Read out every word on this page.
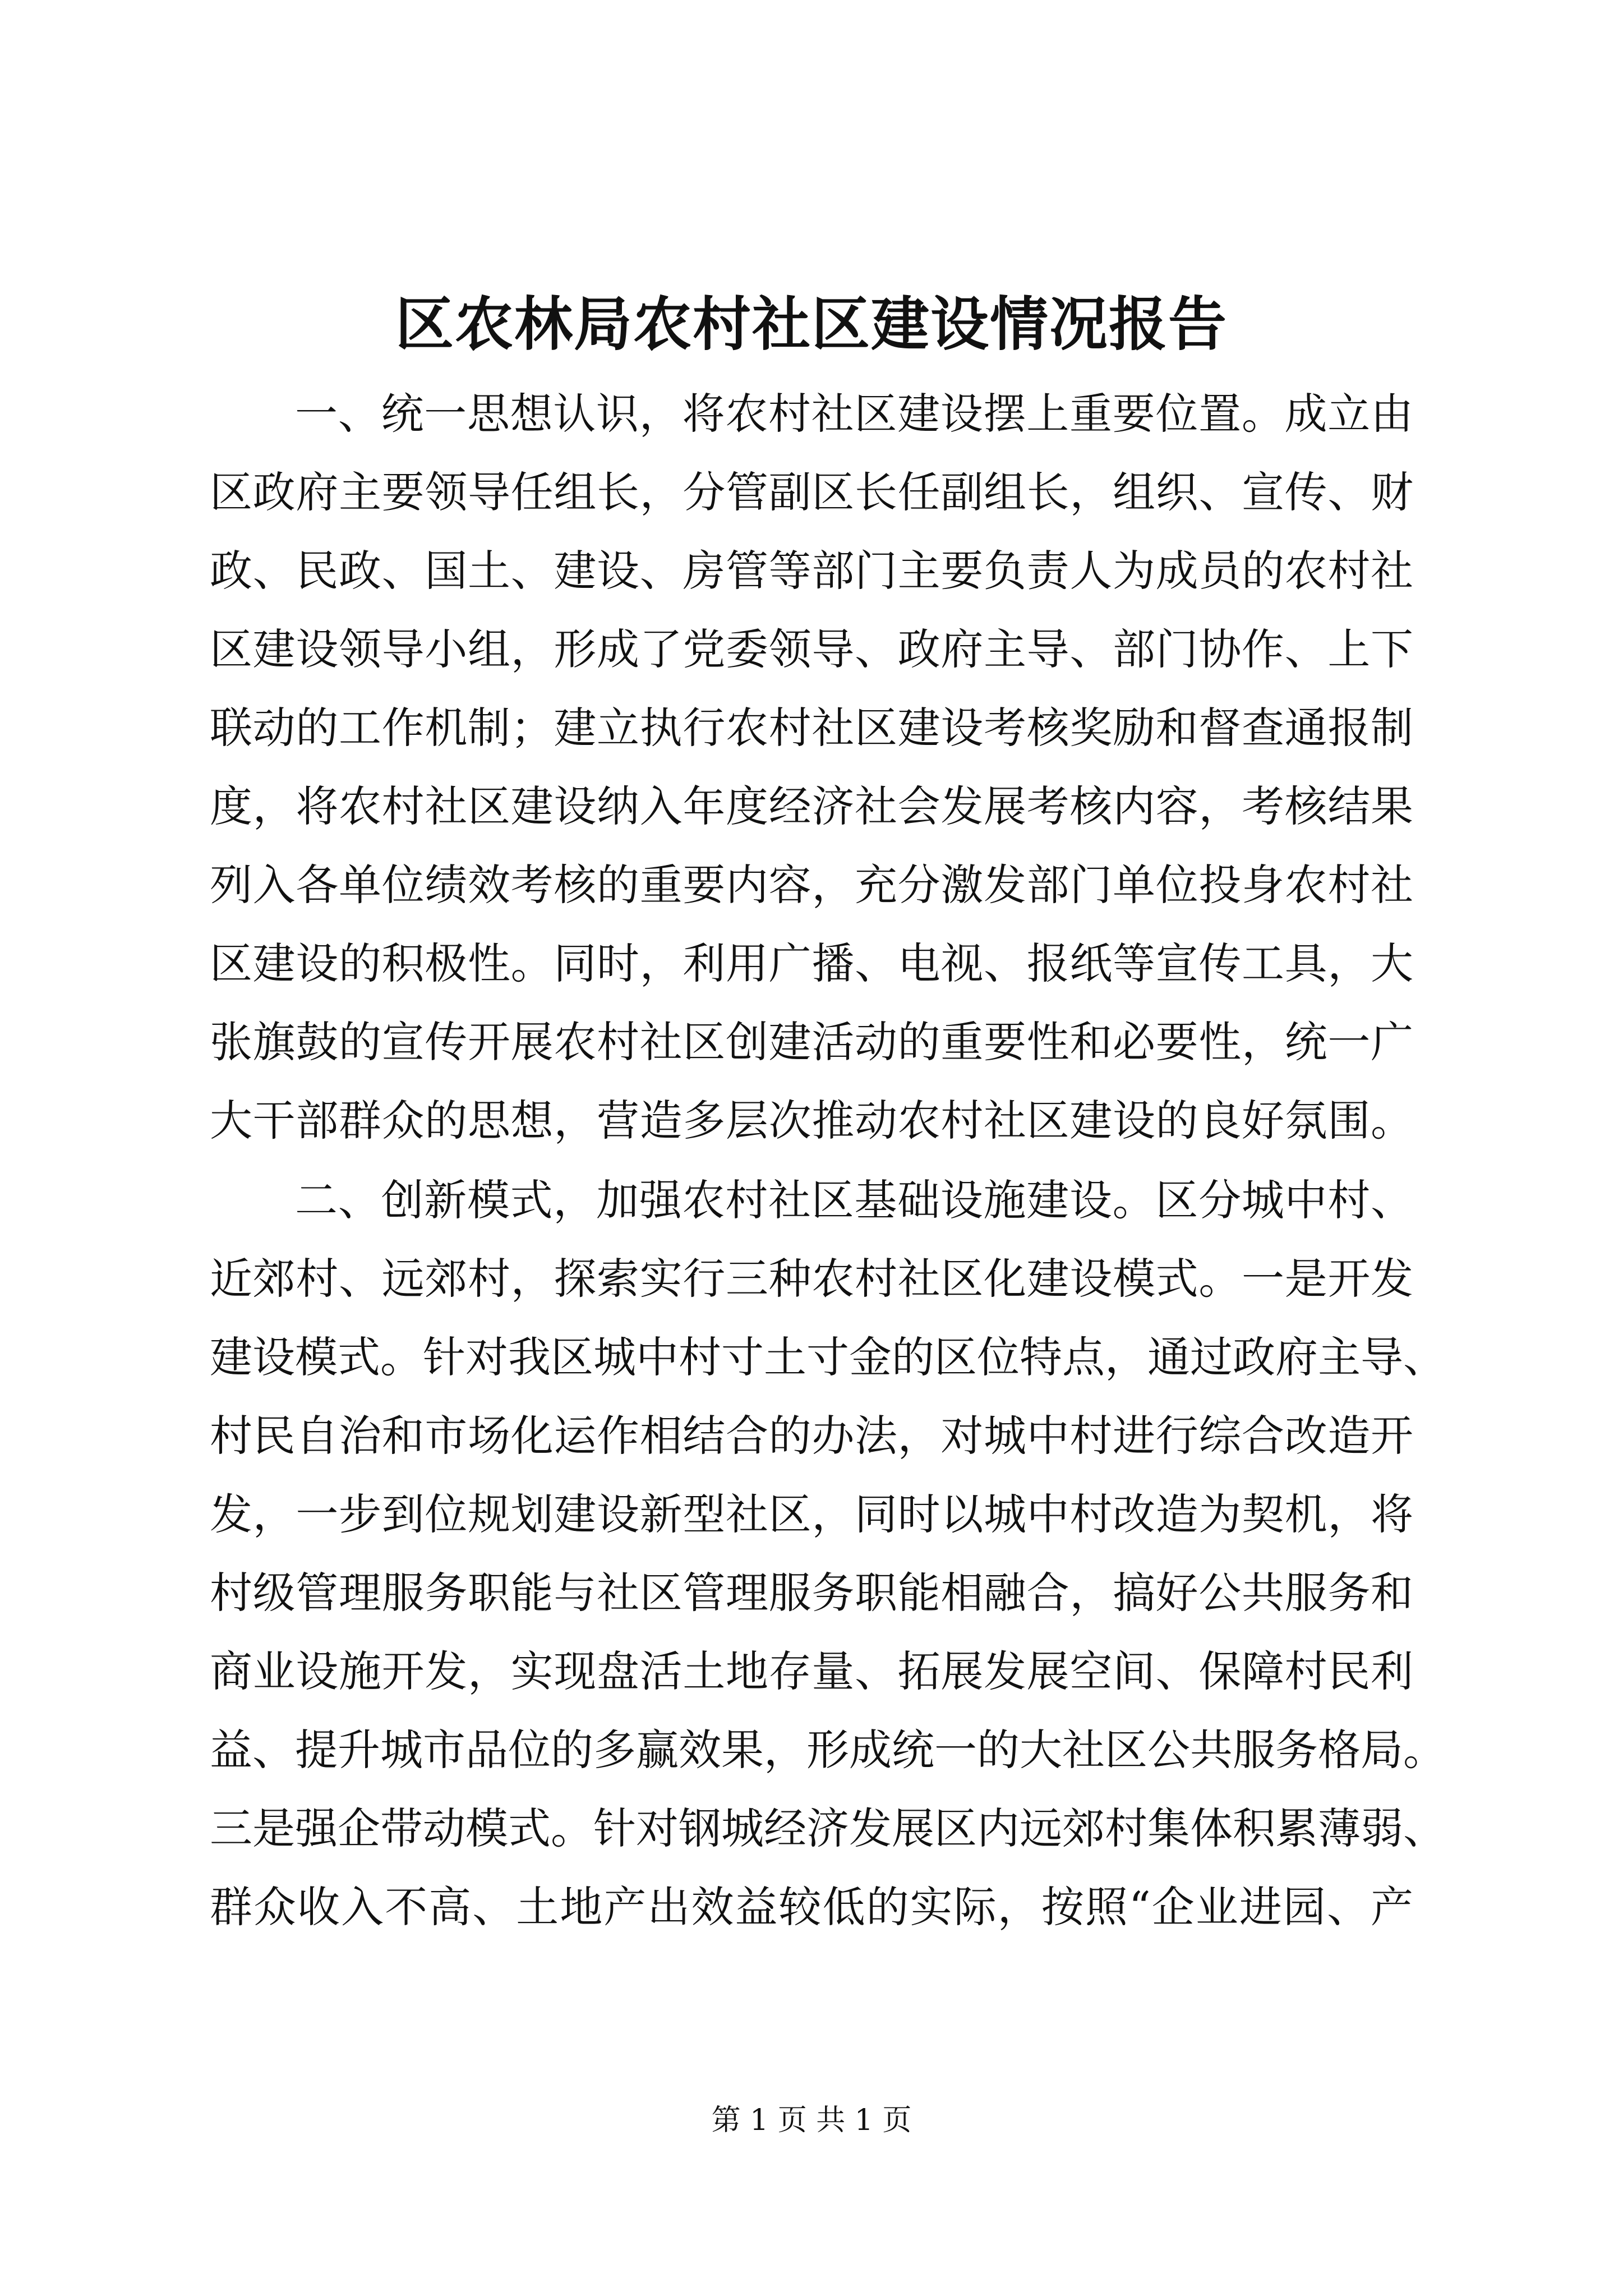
区农林局农村社区建设情况报告

一、统一思想认识，将农村社区建设摆上重要位置。成立由

区政府主要领导任组长，分管副区长任副组长，组织、宣传、财

政、民政、国土、建设、房管等部门主要负责人为成员的农村社

区建设领导小组，形成了党委领导、政府主导、部门协作、上下

联动的工作机制；建立执行农村社区建设考核奖励和督查通报制

度，将农村社区建设纳入年度经济社会发展考核内容，考核结果

列入各单位绩效考核的重要内容，充分激发部门单位投身农村社

区建设的积极性。同时，利用广播、电视、报纸等宣传工具，大

张旗鼓的宣传开展农村社区创建活动的重要性和必要性，统一广

大干部群众的思想，营造多层次推动农村社区建设的良好氛围。

二、创新模式，加强农村社区基础设施建设。区分城中村、

近郊村、远郊村，探索实行三种农村社区化建设模式。一是开发

建设模式。针对我区城中村寸土寸金的区位特点，通过政府主导、

村民自治和市场化运作相结合的办法，对城中村进行综合改造开

发，一步到位规划建设新型社区，同时以城中村改造为契机，将

村级管理服务职能与社区管理服务职能相融合，搞好公共服务和

商业设施开发，实现盘活土地存量、拓展发展空间、保障村民利

益、提升城市品位的多赢效果，形成统一的大社区公共服务格局。

三是强企带动模式。针对钢城经济发展区内远郊村集体积累薄弱、

群众收入不高、土地产出效益较低的实际，按照“企业进园、产

第 1 页 共 1 页
